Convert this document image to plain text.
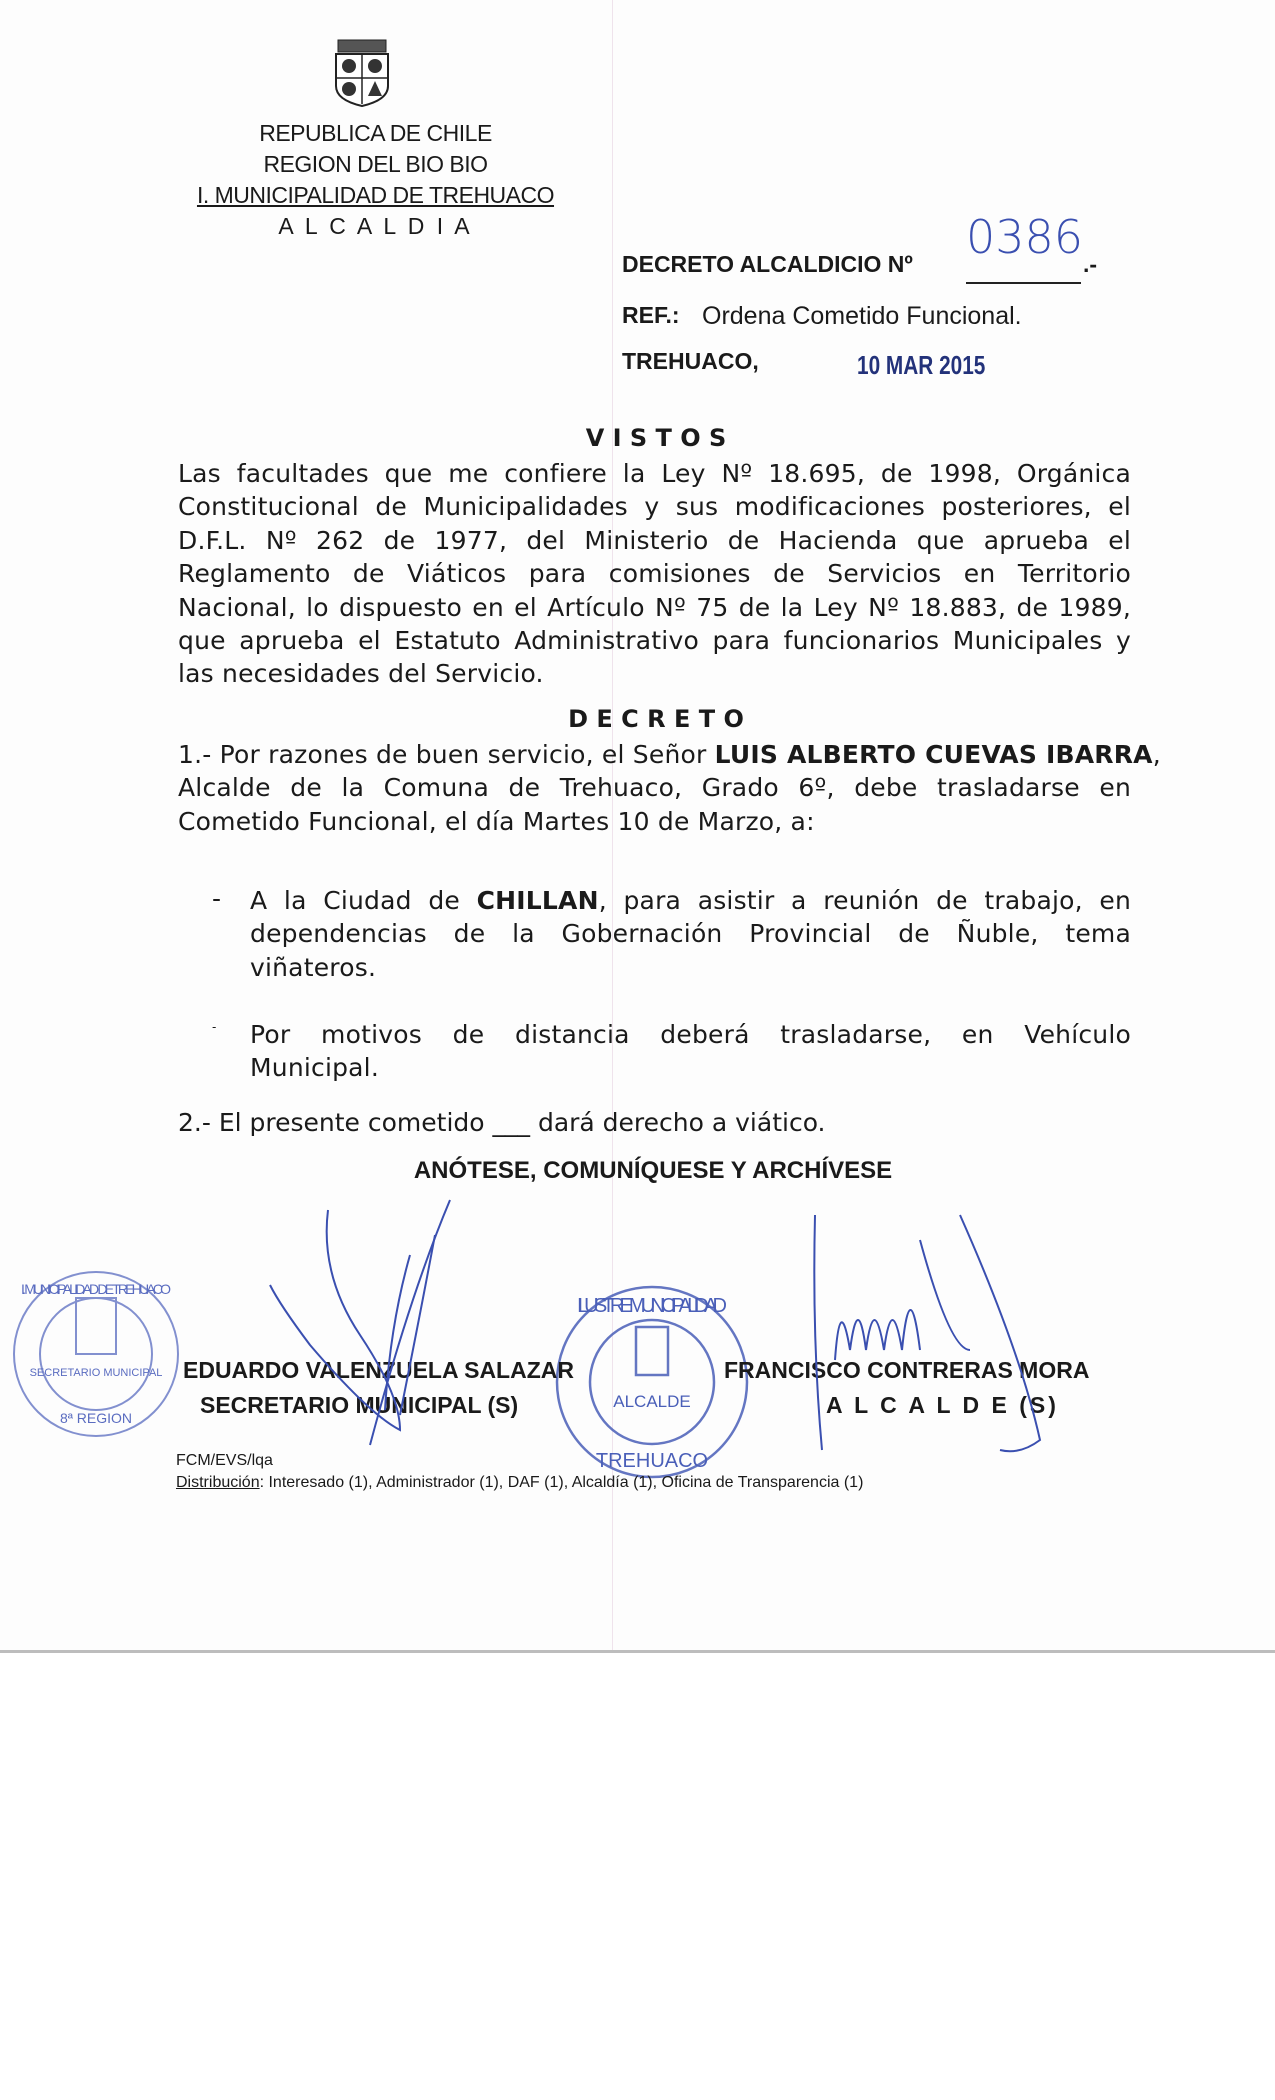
REPUBLICA DE CHILE
REGION DEL BIO BIO
I. MUNICIPALIDAD DE TREHUACO
A L C A L D I A
DECRETO ALCALDICIO Nº 0386 .-
REF.: Ordena Cometido Funcional.
TREHUACO,	10 MAR 2015
V I S T O S
Las facultades que me confiere la Ley Nº 18.695, de 1998, Orgánica
Constitucional de Municipalidades y sus modificaciones posteriores, el
D.F.L. Nº 262 de 1977, del Ministerio de Hacienda que aprueba el
Reglamento de Viáticos para comisiones de Servicios en Territorio
Nacional, lo dispuesto en el Artículo Nº 75 de la Ley Nº 18.883, de 1989,
que aprueba el Estatuto Administrativo para funcionarios Municipales y
las necesidades del Servicio.
D E C R E T O
1.- Por razones de buen servicio, el Señor LUIS ALBERTO CUEVAS IBARRA,
Alcalde de la Comuna de Trehuaco, Grado 6º, debe trasladarse en
Cometido Funcional, el día Martes 10 de Marzo, a:
- A la Ciudad de CHILLAN, para asistir a reunión de trabajo, en
dependencias de la Gobernación Provincial de Ñuble, tema
viñateros.
- Por motivos de distancia deberá trasladarse, en Vehículo
Municipal.
2.- El presente cometido ___ dará derecho a viático.
ANÓTESE, COMUNÍQUESE Y ARCHÍVESE
SECRETARIO MUNICIPAL
8ª REGION
I. MUNICIPALIDAD DE TREHUACO
ALCALDE
ILUSTRE MUNICIPALIDAD
TREHUACO
EDUARDO VALENZUELA SALAZAR
SECRETARIO MUNICIPAL (S)
FRANCISCO CONTRERAS MORA
A L C A L D E (S)
FCM/EVS/lqa
Distribución: Interesado (1), Administrador (1), DAF (1), Alcaldía (1), Oficina de Transparencia (1)
